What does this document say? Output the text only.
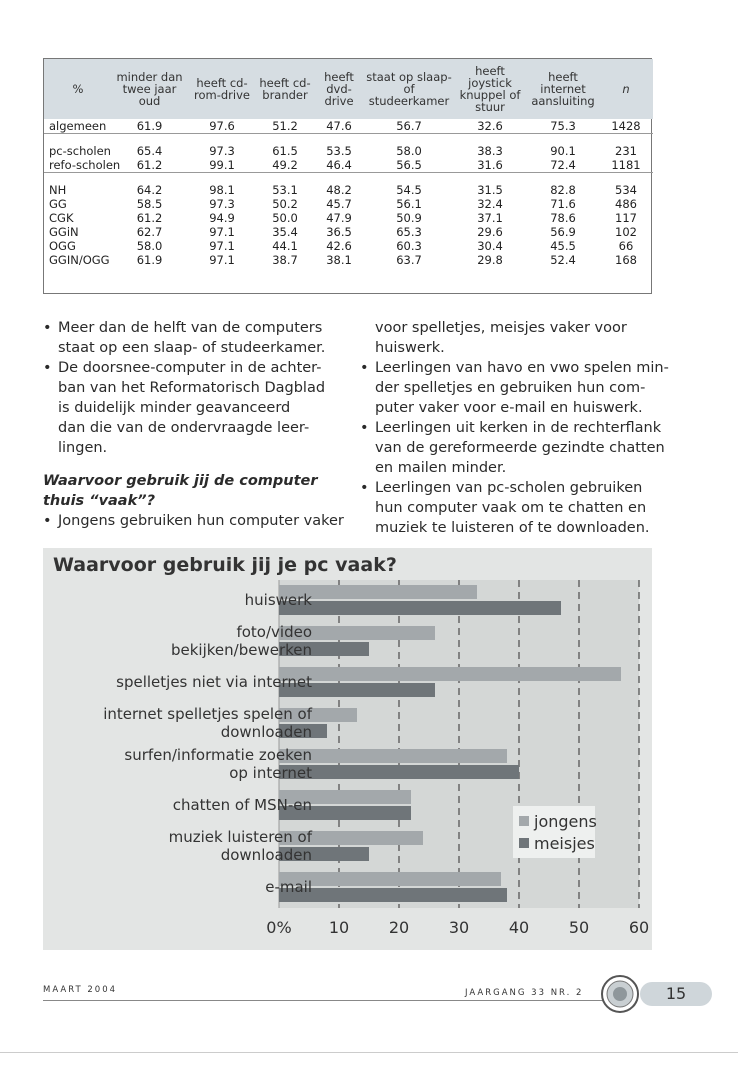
%	minder dan twee jaar oud	heeft cd-rom-drive	heeft cd-brander	heeft dvd-drive	staat op slaap- of studeerkamer	heeft joystick knuppel of stuur	heeft internet aansluiting	n
algemeen	61.9	97.6	51.2	47.6	56.7	32.6	75.3	1428

pc-scholen	65.4	97.3	61.5	53.5	58.0	38.3	90.1	231
refo-scholen	61.2	99.1	49.2	46.4	56.5	31.6	72.4	1181

NH	64.2	98.1	53.1	48.2	54.5	31.5	82.8	534
GG	58.5	97.3	50.2	45.7	56.1	32.4	71.6	486
CGK	61.2	94.9	50.0	47.9	50.9	37.1	78.6	117
GGiN	62.7	97.1	35.4	36.5	65.3	29.6	56.9	102
OGG	58.0	97.1	44.1	42.6	60.3	30.4	45.5	66
GGIN/OGG	61.9	97.1	38.7	38.1	63.7	29.8	52.4	168
• Meer dan de helft van de computers
staat op een slaap- of studeerkamer.
• De doorsnee-computer in de achter-
ban van het Reformatorisch Dagblad
is duidelijk minder geavanceerd
dan die van de ondervraagde leer-
lingen.
Waarvoor gebruik jij de computer
thuis “vaak”?
• Jongens gebruiken hun computer vaker
voor spelletjes, meisjes vaker voor
huiswerk.
• Leerlingen van havo en vwo spelen min-
der spelletjes en gebruiken hun com-
puter vaker voor e-mail en huiswerk.
• Leerlingen uit kerken in de rechterflank
van de gereformeerde gezindte chatten
en mailen minder.
• Leerlingen van pc-scholen gebruiken
hun computer vaak om te chatten en
muziek te luisteren of te downloaden.
jongens
meisjes
Waarvoor gebruik jij je pc vaak?
huiswerk
foto/video
bekijken/bewerken
spelletjes niet via internet
internet spelletjes spelen of
downloaden
surfen/informatie zoeken
op internet
chatten of MSN-en
muziek luisteren of
downloaden
e-mail
0%	10	20	30	40	50	60
MAART 2004	JAARGANG 33 NR. 2	15
